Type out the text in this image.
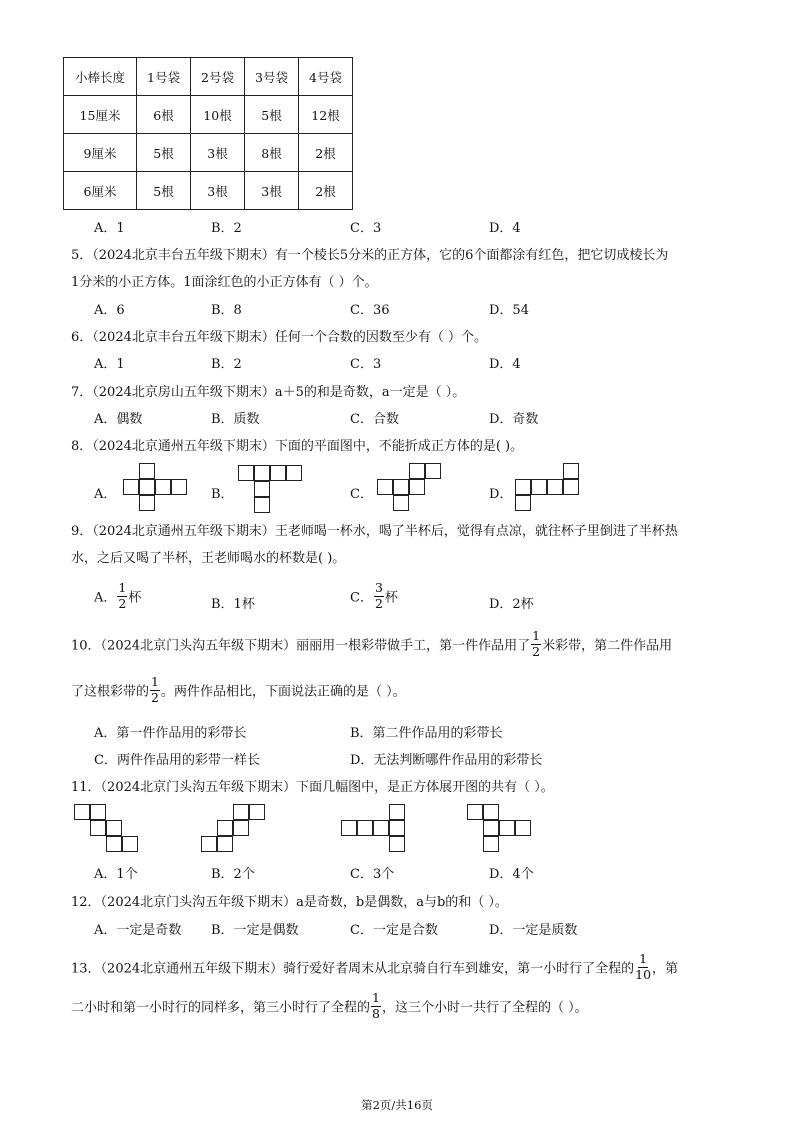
小棒长度	1号袋	2号袋	3号袋	4号袋
15厘米	6根	10根	5根	12根
9厘米	5根	3根	8根	2根
6厘米	5根	3根	3根	2根
A．1	B．2	C．3	D．4
5．（2024北京丰台五年级下期末）有一个棱长5分米的正方体，它的6个面都涂有红色，把它切成棱长为
1分米的小正方体。1面涂红色的小正方体有（ ）个。
A．6	B．8	C．36	D．54
6．（2024北京丰台五年级下期末）任何一个合数的因数至少有（ ）个。
A．1	B．2	C．3	D．4
7．（2024北京房山五年级下期末）a＋5的和是奇数，a一定是（ ）。
A．偶数	B．质数	C．合数	D．奇数
8．（2024北京通州五年级下期末）下面的平面图中，不能折成正方体的是( )。
A．	B．	C．	D．
9．（2024北京通州五年级下期末）王老师喝一杯水，喝了半杯后，觉得有点凉，就往杯子里倒进了半杯热
水，之后又喝了半杯，王老师喝水的杯数是( )。
A． $\frac{1}{2}$ 杯	B．1杯	C． $\frac{3}{2}$ 杯	D．2杯
10．（2024北京门头沟五年级下期末）丽丽用一根彩带做手工，第一件作品用了 $\frac{1}{2}$ 米彩带，第二件作品用
了这根彩带的 $\frac{1}{2}$ 。两件作品相比，下面说法正确的是（ ）。
A．第一件作品用的彩带长	B．第二件作品用的彩带长
C．两件作品用的彩带一样长	D．无法判断哪件作品用的彩带长
11．（2024北京门头沟五年级下期末）下面几幅图中，是正方体展开图的共有（ ）。
A．1个	B．2个	C．3个	D．4个
12．（2024北京门头沟五年级下期末）a是奇数，b是偶数，a与b的和（ ）。
A．一定是奇数 B．一定是偶数	C．一定是合数	D．一定是质数
13．（2024北京通州五年级下期末）骑行爱好者周末从北京骑自行车到雄安，第一小时行了全程的 $\frac{1}{10}$ ，第
二小时和第一小时行的同样多，第三小时行了全程的 $\frac{1}{8}$ ，这三个小时一共行了全程的（ ）。
第2页/共16页
